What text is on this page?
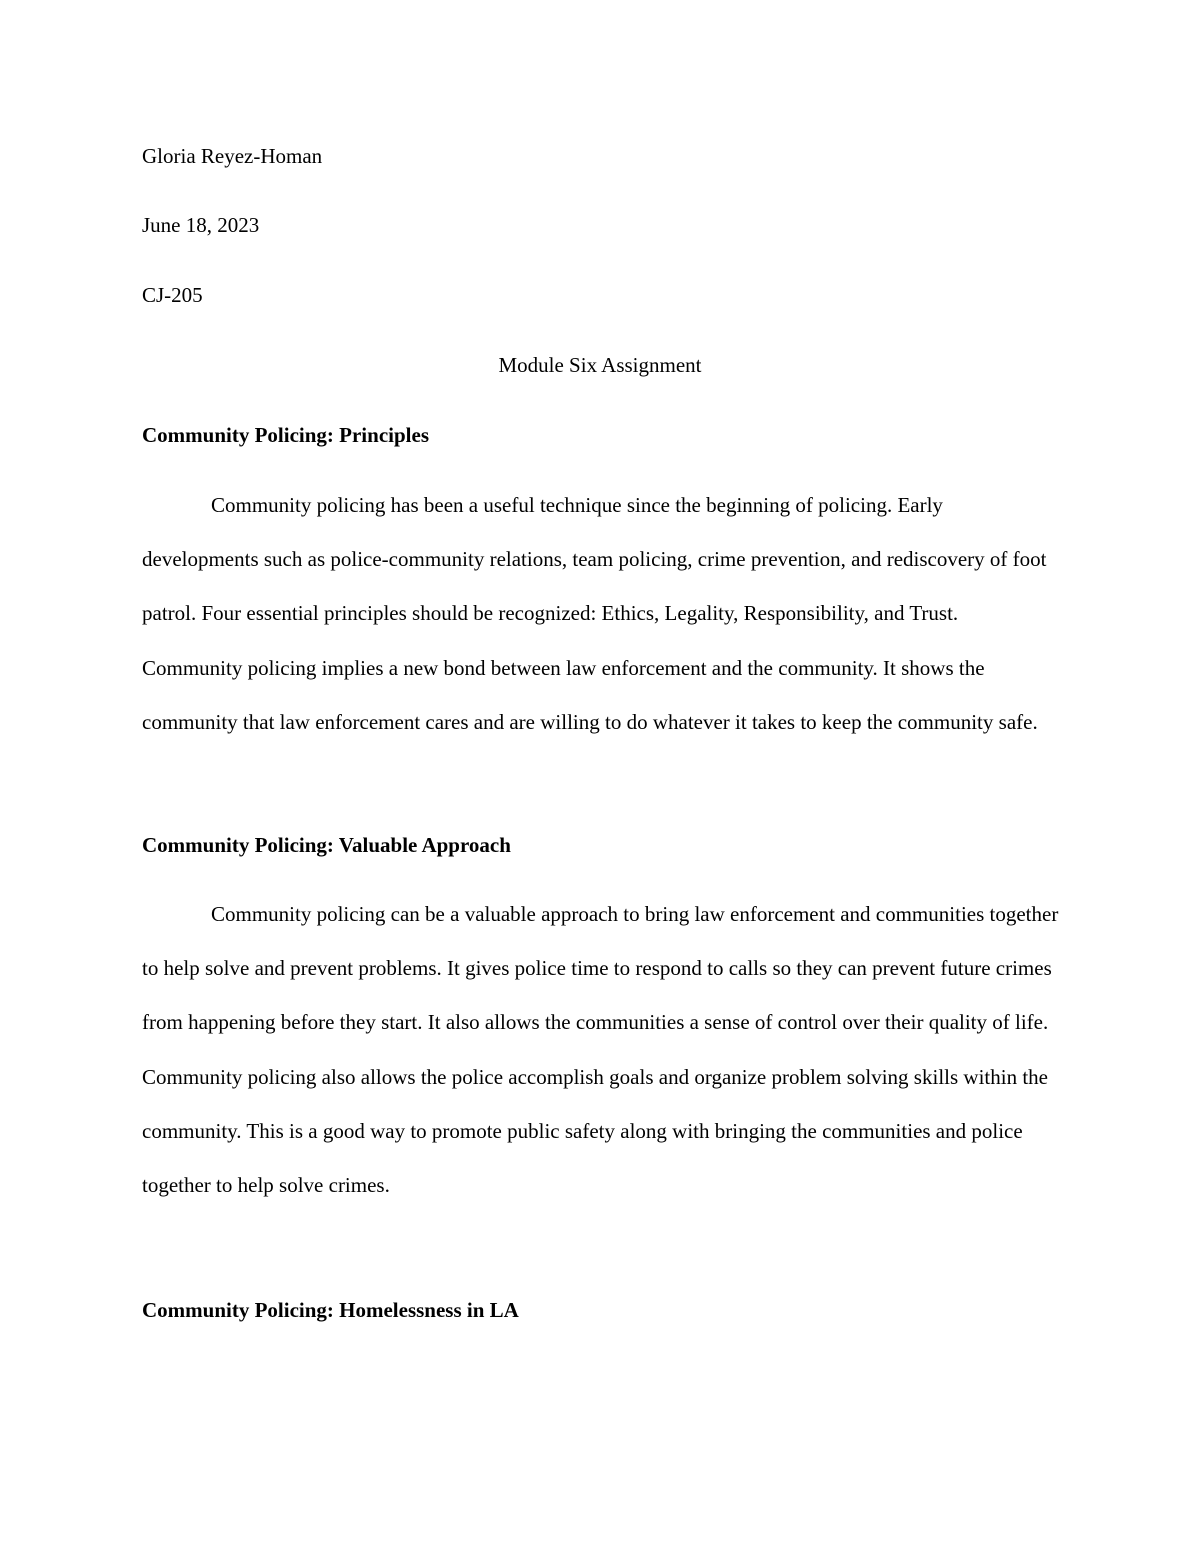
Gloria Reyez-Homan
June 18, 2023
CJ-205
Module Six Assignment
Community Policing: Principles

Community policing has been a useful technique since the beginning of policing. Early developments such as police-community relations, team policing, crime prevention, and rediscovery of foot patrol. Four essential principles should be recognized: Ethics, Legality, Responsibility, and Trust. Community policing implies a new bond between law enforcement and the community. It shows the community that law enforcement cares and are willing to do whatever it takes to keep the community safe.

Community Policing: Valuable Approach

Community policing can be a valuable approach to bring law enforcement and communities together to help solve and prevent problems. It gives police time to respond to calls so they can prevent future crimes from happening before they start. It also allows the communities a sense of control over their quality of life. Community policing also allows the police accomplish goals and organize problem solving skills within the community. This is a good way to promote public safety along with bringing the communities and police together to help solve crimes.

Community Policing: Homelessness in LA
